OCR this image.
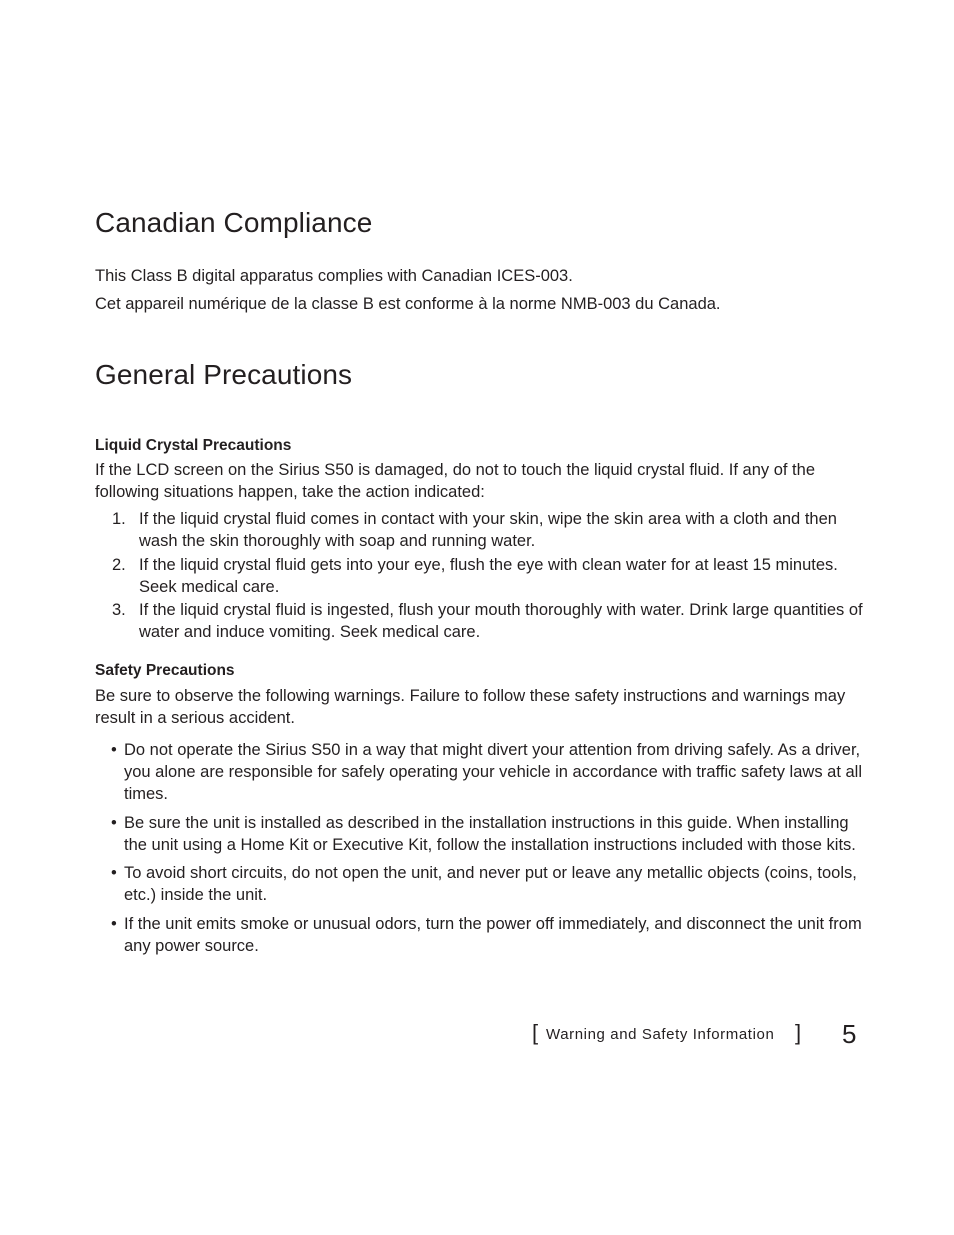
Canadian Compliance

This Class B digital apparatus complies with Canadian ICES-003.

Cet appareil numérique de la classe B est conforme à la norme NMB-003 du Canada.

General Precautions

Liquid Crystal Precautions

If the LCD screen on the Sirius S50 is damaged, do not to touch the liquid crystal fluid. If any of the following situations happen, take the action indicated:

1. If the liquid crystal fluid comes in contact with your skin, wipe the skin area with a cloth and then wash the skin thoroughly with soap and running water.
2. If the liquid crystal fluid gets into your eye, flush the eye with clean water for at least 15 minutes. Seek medical care.
3. If the liquid crystal fluid is ingested, flush your mouth thoroughly with water. Drink large quantities of water and induce vomiting. Seek medical care.

Safety Precautions

Be sure to observe the following warnings. Failure to follow these safety instructions and warnings may result in a serious accident.

• Do not operate the Sirius S50 in a way that might divert your attention from driving safely. As a driver, you alone are responsible for safely operating your vehicle in accordance with traffic safety laws at all times.
• Be sure the unit is installed as described in the installation instructions in this guide. When installing the unit using a Home Kit or Executive Kit, follow the installation instructions included with those kits.
• To avoid short circuits, do not open the unit, and never put or leave any metallic objects (coins, tools, etc.) inside the unit.
• If the unit emits smoke or unusual odors, turn the power off immediately, and disconnect the unit from any power source.
[ Warning and Safety Information ] 5
